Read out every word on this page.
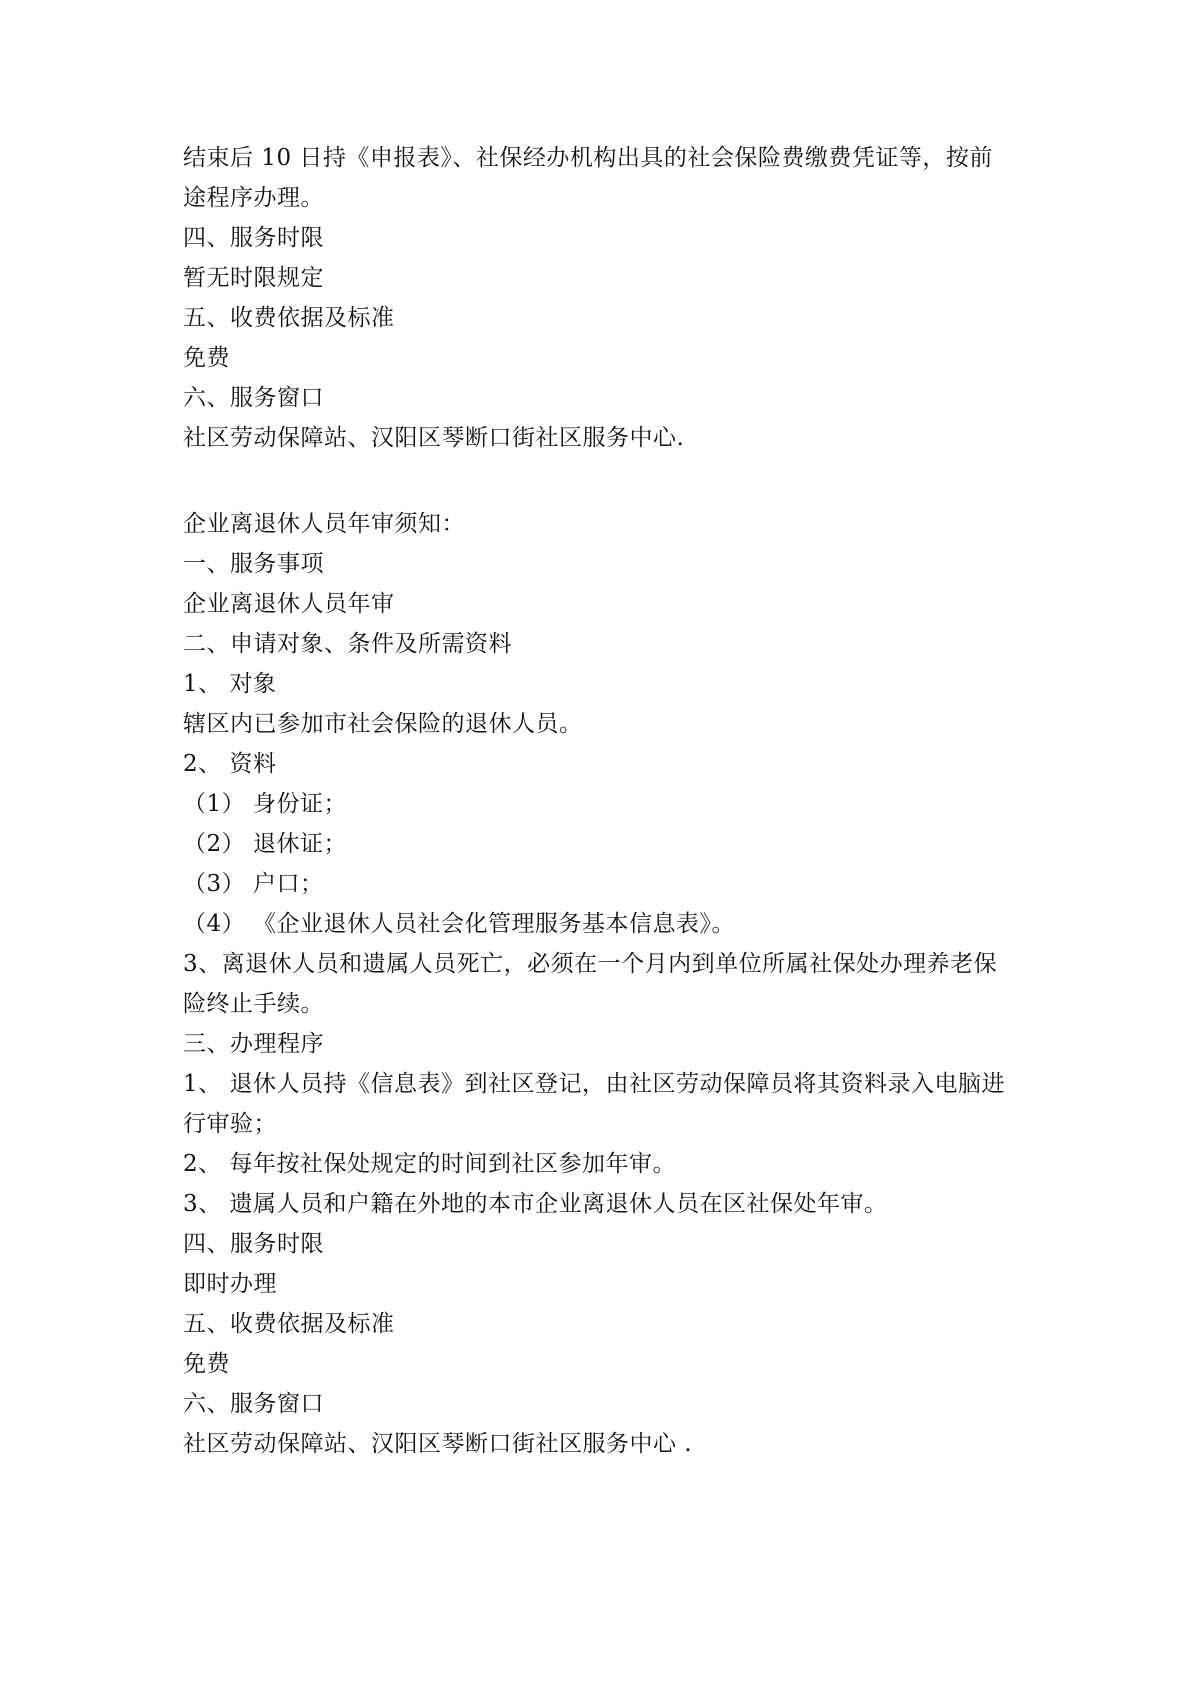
结束后 10 日持《申报表》、社保经办机构出具的社会保险费缴费凭证等，按前
途程序办理。
四、服务时限
暂无时限规定
五、收费依据及标准
免费
六、服务窗口
社区劳动保障站、汉阳区琴断口街社区服务中心.
企业离退休人员年审须知：
一、服务事项
企业离退休人员年审
二、申请对象、条件及所需资料
1、 对象
辖区内已参加市社会保险的退休人员。
2、 资料
（1） 身份证；
（2） 退休证；
（3） 户口；
（4） 《企业退休人员社会化管理服务基本信息表》。
3、离退休人员和遗属人员死亡，必须在一个月内到单位所属社保处办理养老保
险终止手续。
三、办理程序
1、 退休人员持《信息表》到社区登记，由社区劳动保障员将其资料录入电脑进
行审验；
2、 每年按社保处规定的时间到社区参加年审。
3、 遗属人员和户籍在外地的本市企业离退休人员在区社保处年审。
四、服务时限
即时办理
五、收费依据及标准
免费
六、服务窗口
社区劳动保障站、汉阳区琴断口街社区服务中心 .
